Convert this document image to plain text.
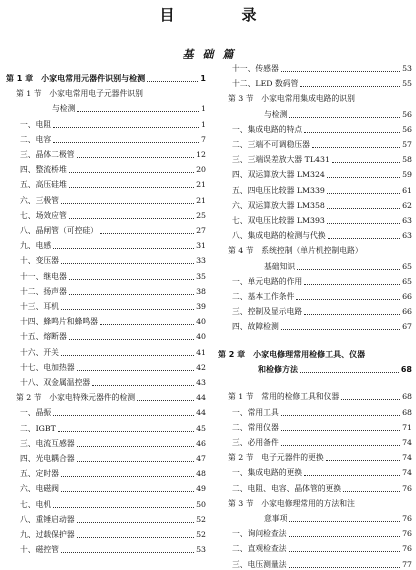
目　录
基础篇
第 1 章　小家电常用元器件识别与检测	1
第 1 节　小家电常用电子元器件识别
与检测	1
一、电阻	1
二、电容	7
三、晶体二极管	12
四、整流桥堆	20
五、高压硅堆	21
六、三极管	21
七、场效应管	25
八、晶闸管（可控硅）	27
九、电感	31
十、变压器	33
十一、继电器	35
十二、扬声器	38
十三、耳机	39
十四、蜂鸣片和蜂鸣器	40
十五、熔断器	40
十六、开关	41
十七、电加热器	42
十八、双金属温控器	43
第 2 节　小家电特殊元器件的检测	44
一、晶振	44
二、IGBT	45
三、电流互感器	46
四、光电耦合器	47
五、定时器	48
六、电磁阀	49
七、电机	50
八、重锤启动器	52
九、过载保护器	52
十、磁控管	53
十一、传感器	53
十二、LED 数码管	55
第 3 节　小家电常用集成电路的识别
与检测	56
一、集成电路的特点	56
二、三端不可调稳压器	57
三、三端误差放大器 TL431	58
四、双运算放大器 LM324	59
五、四电压比较器 LM339	61
六、双运算放大器 LM358	62
七、双电压比较器 LM393	63
八、集成电路的检测与代换	63
第 4 节　系统控制（单片机控制电路）
基础知识	65
一、单元电路的作用	65
二、基本工作条件	66
三、控制及显示电路	66
四、故障检测	67
第 2 章　小家电修理常用检修工具、仪器
和检修方法	68
第 1 节　常用的检修工具和仪器	68
一、常用工具	68
二、常用仪器	71
三、必用备件	74
第 2 节　电子元器件的更换	74
一、集成电路的更换	74
二、电阻、电容、晶体管的更换	76
第 3 节　小家电修理常用的方法和注
意事项	76
一、询问检查法	76
二、直观检查法	76
三、电压测量法	77
